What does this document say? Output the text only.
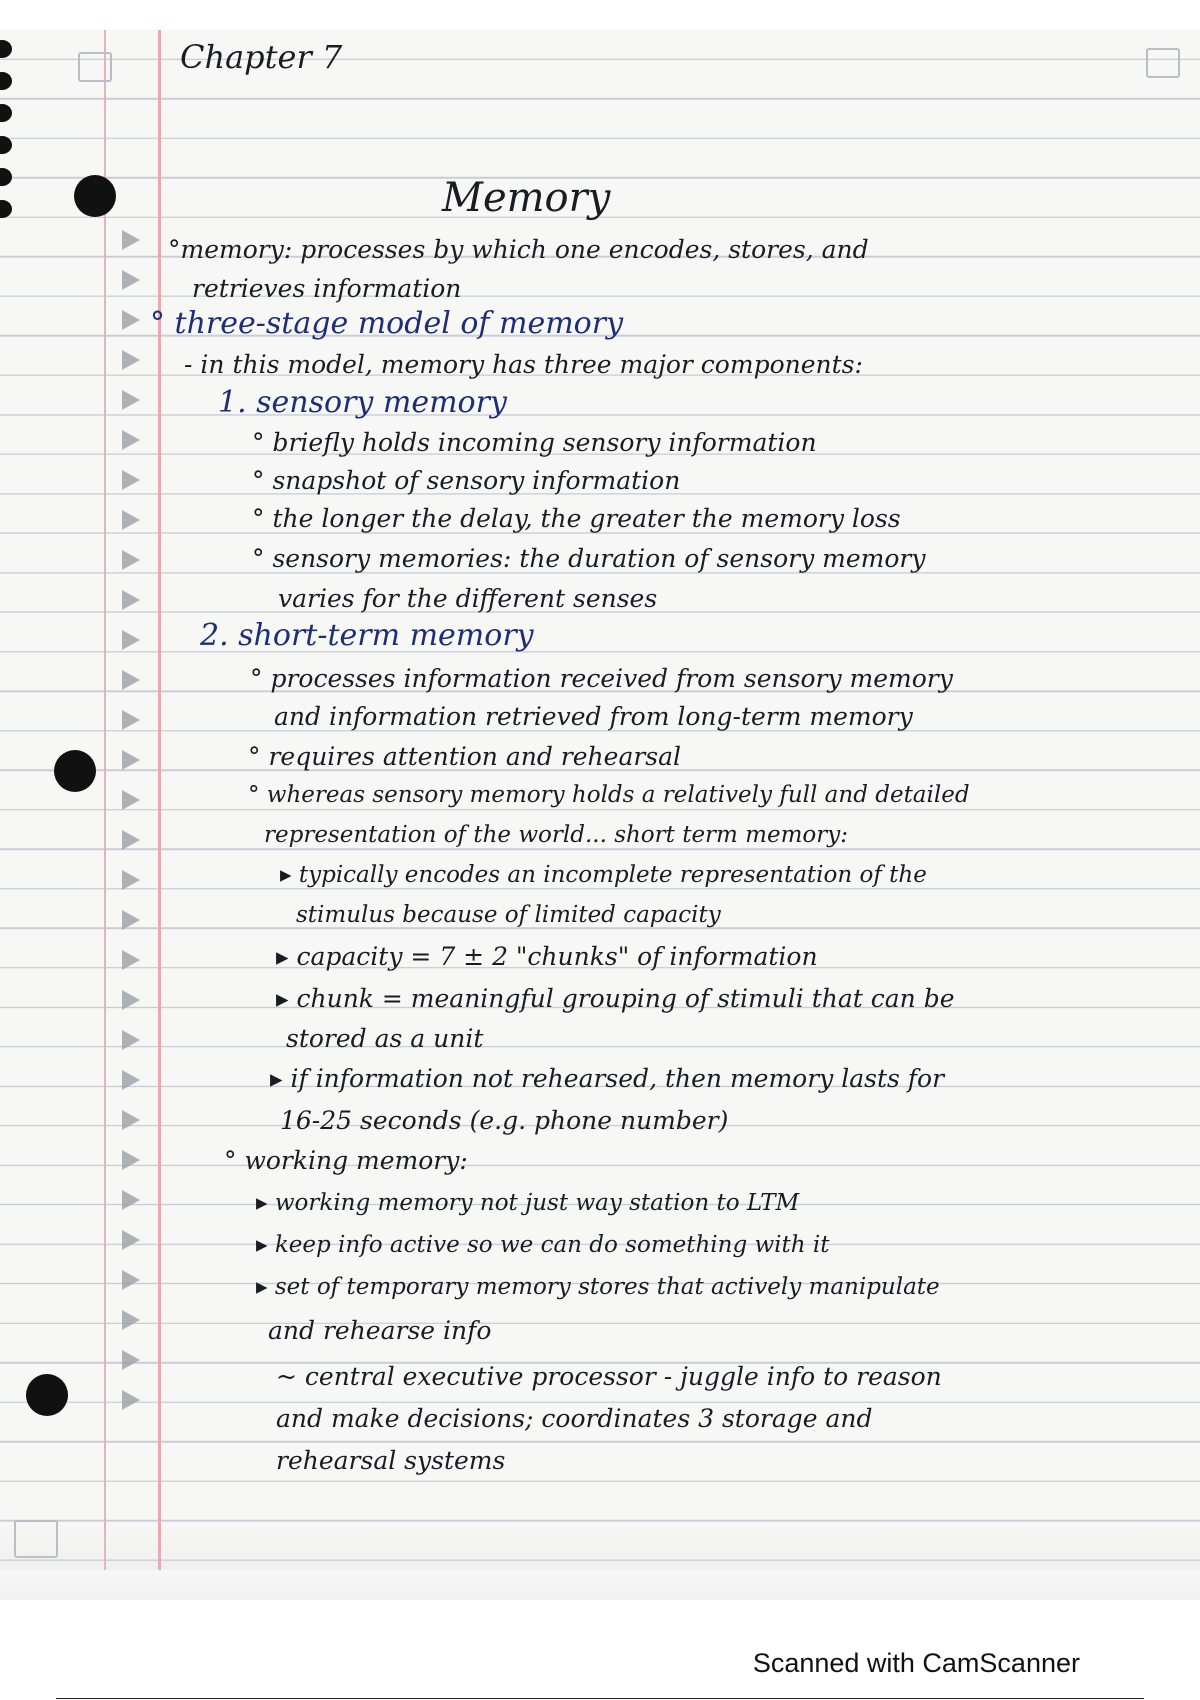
Chapter 7
Memory
°memory: processes by which one encodes, stores, and
retrieves information
° three-stage model of memory
- in this model, memory has three major components:
1. sensory memory
° briefly holds incoming sensory information
° snapshot of sensory information
° the longer the delay, the greater the memory loss
° sensory memories: the duration of sensory memory
varies for the different senses
2. short-term memory
° processes information received from sensory memory
and information retrieved from long-term memory
° requires attention and rehearsal
° whereas sensory memory holds a relatively full and detailed
representation of the world... short term memory:
▸ typically encodes an incomplete representation of the
stimulus because of limited capacity
▸ capacity = 7 ± 2 "chunks" of information
▸ chunk = meaningful grouping of stimuli that can be
stored as a unit
▸ if information not rehearsed, then memory lasts for
16-25 seconds (e.g. phone number)
° working memory:
▸ working memory not just way station to LTM
▸ keep info active so we can do something with it
▸ set of temporary memory stores that actively manipulate
and rehearse info
~ central executive processor - juggle info to reason
and make decisions; coordinates 3 storage and
rehearsal systems
Scanned with CamScanner
